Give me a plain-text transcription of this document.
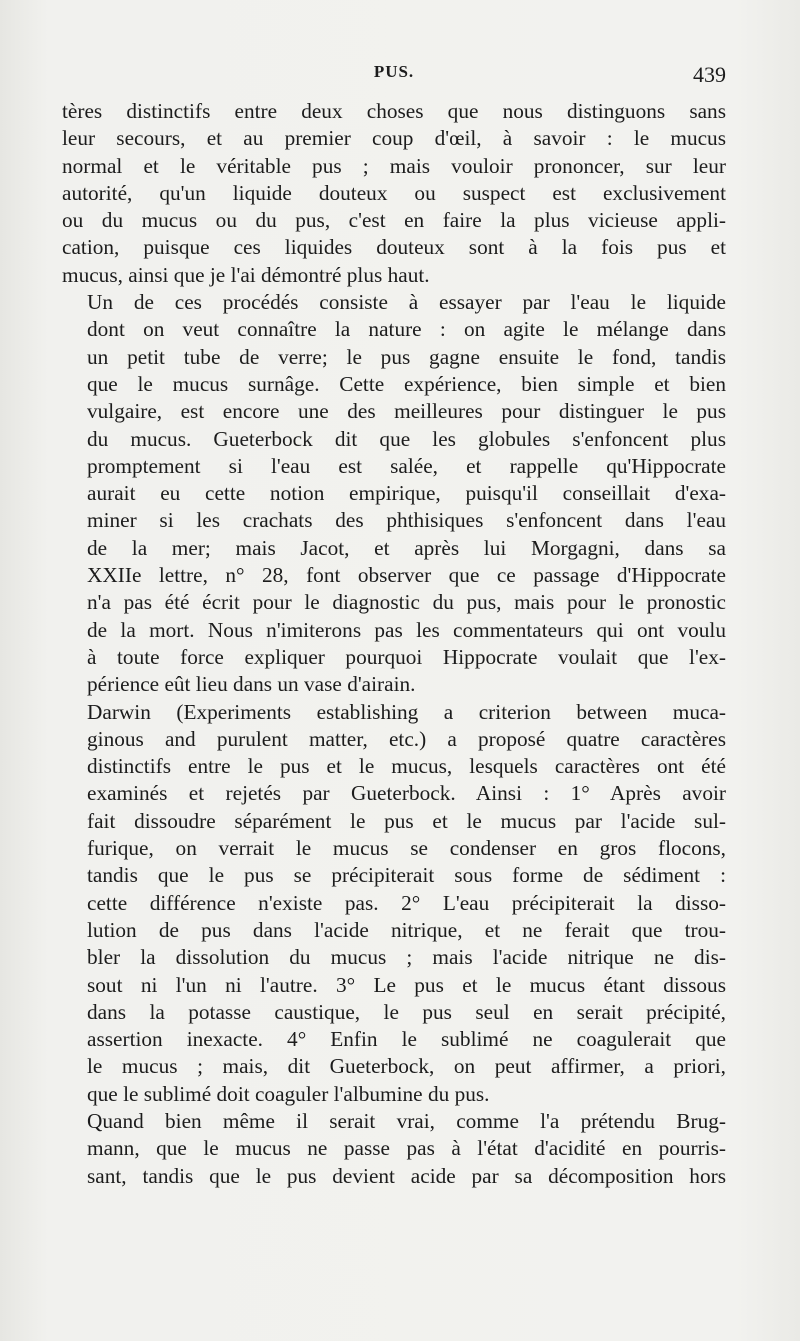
PUS.	439

tères distinctifs entre deux choses que nous distinguons sans
leur secours, et au premier coup d'œil, à savoir : le mucus
normal et le véritable pus ; mais vouloir prononcer, sur leur
autorité, qu'un liquide douteux ou suspect est exclusivement
ou du mucus ou du pus, c'est en faire la plus vicieuse appli-
cation, puisque ces liquides douteux sont à la fois pus et
mucus, ainsi que je l'ai démontré plus haut.

Un de ces procédés consiste à essayer par l'eau le liquide
dont on veut connaître la nature : on agite le mélange dans
un petit tube de verre; le pus gagne ensuite le fond, tandis
que le mucus surnâge. Cette expérience, bien simple et bien
vulgaire, est encore une des meilleures pour distinguer le pus
du mucus. Gueterbock dit que les globules s'enfoncent plus
promptement si l'eau est salée, et rappelle qu'Hippocrate
aurait eu cette notion empirique, puisqu'il conseillait d'exa-
miner si les crachats des phthisiques s'enfoncent dans l'eau
de la mer; mais Jacot, et après lui Morgagni, dans sa
XXIIe lettre, n° 28, font observer que ce passage d'Hippocrate
n'a pas été écrit pour le diagnostic du pus, mais pour le pronostic
de la mort. Nous n'imiterons pas les commentateurs qui ont voulu
à toute force expliquer pourquoi Hippocrate voulait que l'ex-
périence eût lieu dans un vase d'airain.

Darwin (Experiments establishing a criterion between muca-
ginous and purulent matter, etc.) a proposé quatre caractères
distinctifs entre le pus et le mucus, lesquels caractères ont été
examinés et rejetés par Gueterbock. Ainsi : 1° Après avoir
fait dissoudre séparément le pus et le mucus par l'acide sul-
furique, on verrait le mucus se condenser en gros flocons,
tandis que le pus se précipiterait sous forme de sédiment :
cette différence n'existe pas. 2° L'eau précipiterait la disso-
lution de pus dans l'acide nitrique, et ne ferait que trou-
bler la dissolution du mucus ; mais l'acide nitrique ne dis-
sout ni l'un ni l'autre. 3° Le pus et le mucus étant dissous
dans la potasse caustique, le pus seul en serait précipité,
assertion inexacte. 4° Enfin le sublimé ne coagulerait que
le mucus ; mais, dit Gueterbock, on peut affirmer, a priori,
que le sublimé doit coaguler l'albumine du pus.

Quand bien même il serait vrai, comme l'a prétendu Brug-
mann, que le mucus ne passe pas à l'état d'acidité en pourris-
sant, tandis que le pus devient acide par sa décomposition hors
